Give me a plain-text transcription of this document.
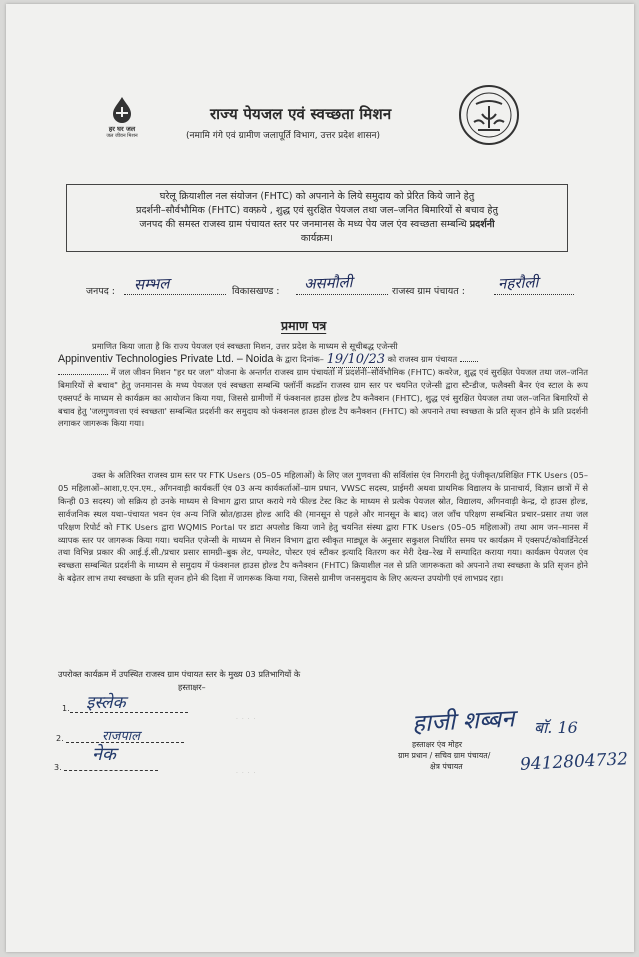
हर घर जल
जल जीवन मिशन
राज्य पेयजल एवं स्वच्छता मिशन
(नमामि गंगे एवं ग्रामीण जलापूर्ति विभाग, उत्तर प्रदेश शासन)
घरेलू क्रियाशील नल संयोजन (FHTC) को अपनाने के लिये समुदाय को प्रेरित किये जाने हेतु
प्रदर्शनी–सौर्वभौमिक (FHTC) वक्फ़ये , शुद्ध एवं सुरक्षित पेयजल तथा जल–जनित बिमारियों से बचाव हेतु
जनपद की समस्त राजस्व ग्राम पंचायत स्तर पर जनमानस के मध्य पेय जल एंव स्वच्छता सम्बन्धि प्रदर्शनी
कार्यक्रम।
जनपद : सम्भल	विकासखण्ड : असमौली	राजस्व ग्राम पंचायत : नहरौली
प्रमाण पत्र
प्रमाणित किया जाता है कि राज्य पेयजल एवं स्वच्छता मिशन, उत्तर प्रदेश के माध्यम से सूचीबद्ध एजेन्सी
Appinventiv Technologies Private Ltd. – Noida के द्वारा दिनांक– 19/10/23 को राजस्व ग्राम पंचायत
में जल जीवन मिशन "हर घर जल" योजना के अन्तर्गत राजस्व ग्राम पंचायतों में प्रदर्शनी–सौर्वभौमिक (FHTC) कवरेज, शुद्ध एवं सुरक्षित पेयजल तथा जल–जनित बिमारियों से बचाव" हेतु जनमानस के मध्य पेयजल एवं स्वच्छता सम्बन्धि फ्लॉर्नी कव्र्डाॅन राजस्व ग्राम स्तर पर चयनित एजेन्सी द्वारा स्टैन्डीज, फलैक्सी बैनर एंव स्टाल के रूप एक्सपर्ट के माध्यम से कार्यक्रम का आयोजन किया गया, जिससे ग्रामीणों में फंक्शनल हाउस होल्ड टैप कनैक्शन (FHTC), शुद्ध एवं सुरक्षित पेयजल तथा जल–जनित बिमारियों से बचाव हेतु 'जलगुणवत्ता एवं स्वच्छता' सम्बन्धित प्रदर्शनी कर समुदाय को फंक्शनल हाउस होल्ड टैप कनैक्शन (FHTC) को अपनाने तथा स्वच्छता के प्रति सृजन होने के प्रति प्रदर्शनी लगाकर जागरूक किया गया।
उक्त के अतिरिक्त राजस्व ग्राम स्तर पर FTK Users (05–05 महिलाओं) के लिए जल गुणवत्ता की सर्विलांस एंव निगरानी हेतु पंजीकृत/प्रशिक्षित FTK Users (05–05 महिलाओं–आशा,ए.एन.एम., आँगनवाड़ी कार्यकर्ती एंव 03 अन्य कार्यकर्ताओं–ग्राम प्रधान, VWSC सदस्य, प्राईमरी अथवा प्राथमिक विद्यालय के प्रानाचार्य, विज्ञान छात्रों में से किन्ही 03 सदस्य) जो सक्रिय हो उनके माध्यम से विभाग द्वारा प्राप्त कराये गये फील्ड टेस्ट किट के माध्यम से प्रत्येक पेयजल स्रोत, विद्यालय, आँगनवाड़ी केन्द्र, दो हाउस होल्ड, सार्वजनिक स्थल यथा–पंचायत भवन एंव अन्य निजि स्रोत/हाउस होल्ड आदि की (मानसून से पहले और मानसून के बाद) जल जाँच परिक्षण सम्बन्धित प्रचार–प्रसार तथा जल परिक्षण रिपोर्ट को FTK Users द्वारा WQMIS Portal पर डाटा अपलोड किया जाने हेतु चयनित संस्था द्वारा FTK Users (05–05 महिलाओं) तथा आम जन–मानस में व्यापक स्तर पर जागरूक किया गया। चयनित एजेन्सी के माध्यम से मिशन विभाग द्वारा स्वीकृत माड्यूल के अनुसार सकुशल निर्धारित समय पर कार्यक्रम में एक्सपर्ट/कोवार्डिनेटर्स तथा विभिन्न प्रकार की आई.ई.सी./प्रचार प्रसार सामग्री–बुक लेट, पम्पलेट, पोस्टर एवं स्टीकर इत्यादि वितरण कर मेरी देख–रेख में सम्पादित कराया गया। कार्यक्रम पेयजल एंव स्वच्छता सम्बन्धित प्रदर्शनी के माध्यम से समुदाय में फंक्शनल हाउस होल्ड टैप कनैक्शन (FHTC) क्रियाशील नल से प्रति जागरूकता को अपनाने तथा स्वच्छता के प्रति सृजन होने के बढ़ेतर लाभ तथा स्वच्छता के प्रति सृजन होने की दिशा में जागरूक किया गया, जिससे ग्रामीण जनसमुदाय के लिए अत्यन्त उपयोगी एवं लाभप्रद रहा।
उपरोक्त कार्यक्रम में उपस्थित राजस्व ग्राम पंचायत स्तर के मुख्य 03 प्रतिभागियों के
हस्ताक्षर–
1. इस्लेक
2.	राजपाल
3.
नेक
· · · ·
· · · ·
हाजी शब्बन बाॅ. 16
हस्ताक्षर एंव मोहर
ग्राम प्रधान / सचिव ग्राम पंचायत/
क्षेत्र पंचायत	9412804732
